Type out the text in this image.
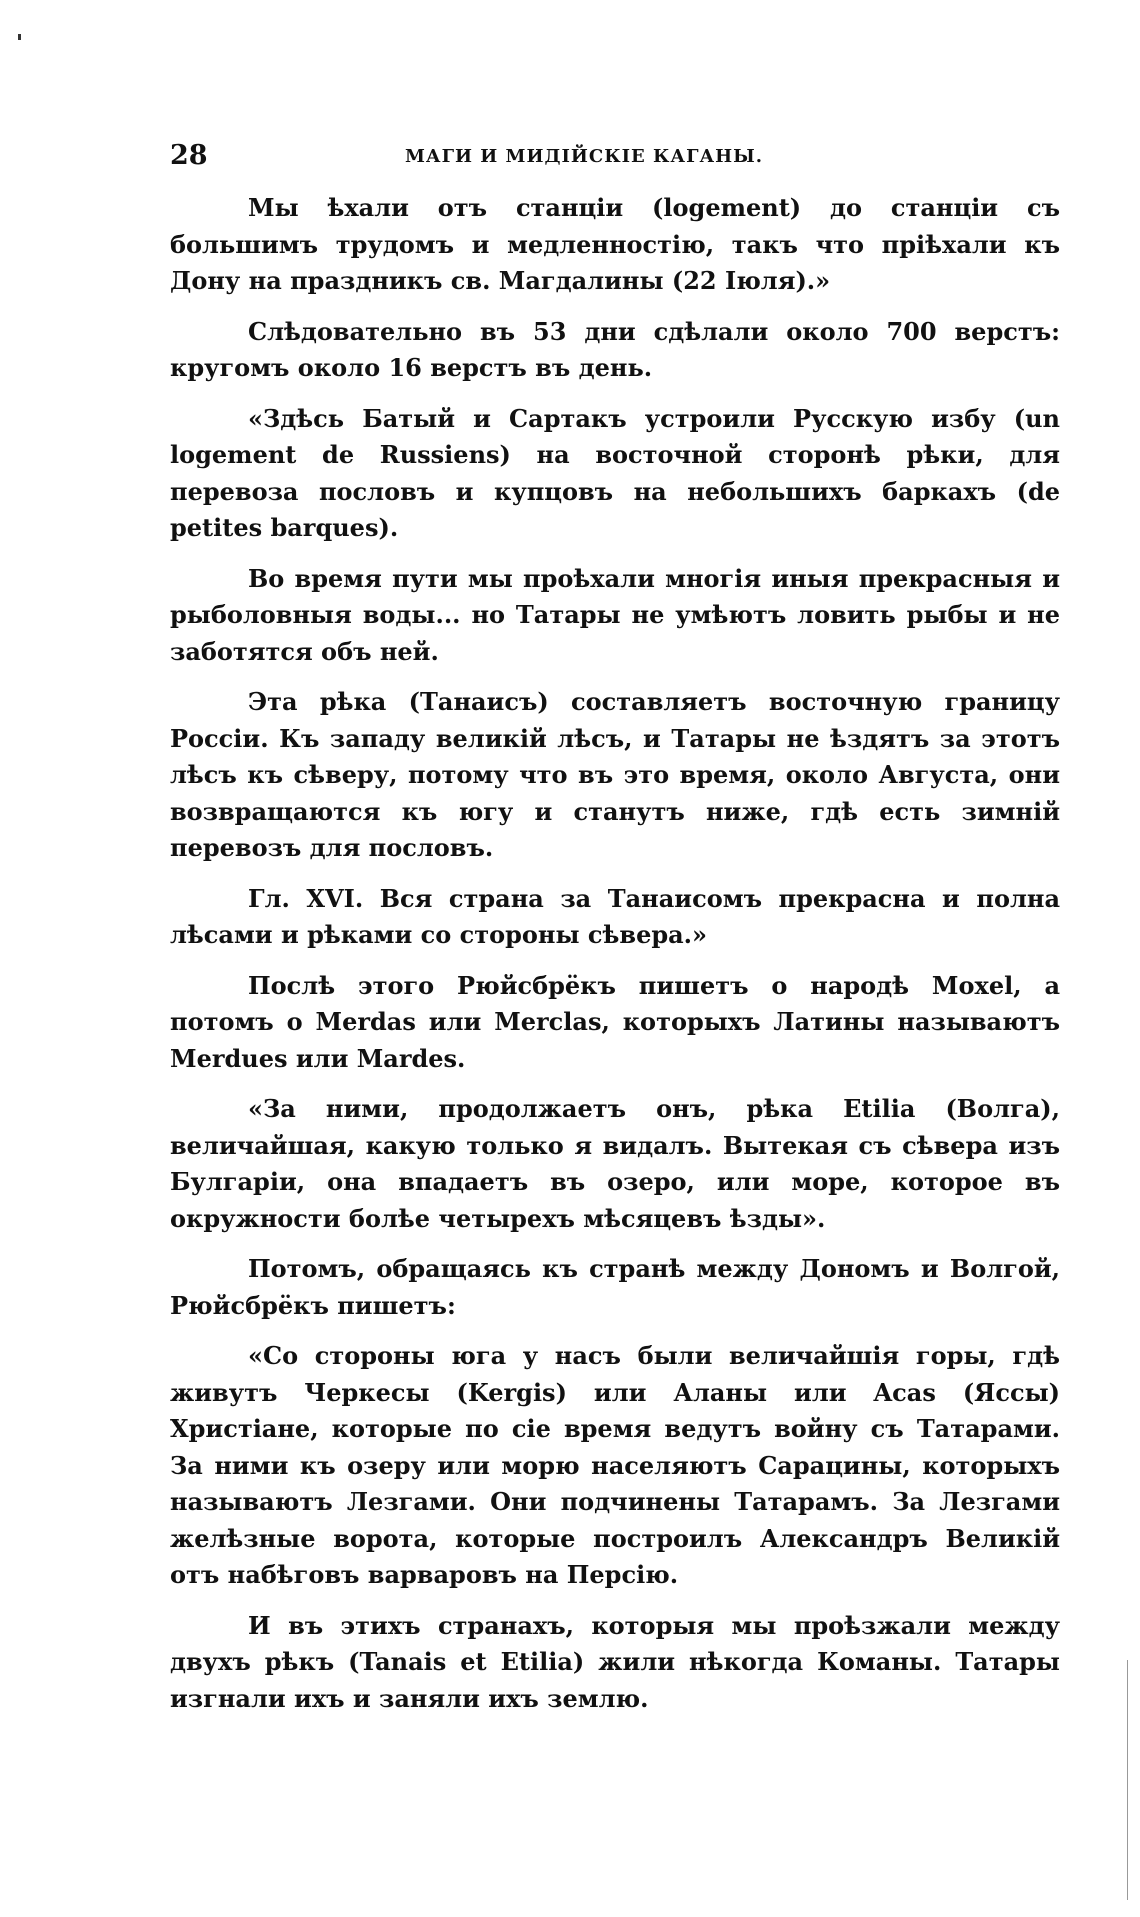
28	МАГИ И МИДІЙСКІЕ КАГАНЫ.

Мы ѣхали отъ станціи (logement) до станціи съ большимъ трудомъ и медленностію, такъ что пріѣхали къ Дону на праздникъ св. Магдалины (22 Іюля).»

Слѣдовательно въ 53 дни сдѣлали около 700 верстъ: кругомъ около 16 верстъ въ день.

«Здѣсь Батый и Сартакъ устроили Русскую избу (un logement de Russiens) на восточной сторонѣ рѣки, для перевоза пословъ и купцовъ на небольшихъ баркахъ (de petites barques).

Во время пути мы проѣхали многія иныя прекрасныя и рыболовныя воды... но Татары не умѣютъ ловить рыбы и не заботятся объ ней.

Эта рѣка (Танаисъ) составляетъ восточную границу Россіи. Къ западу великій лѣсъ, и Татары не ѣздятъ за этотъ лѣсъ къ сѣверу, потому что въ это время, около Августа, они возвращаются къ югу и станутъ ниже, гдѣ есть зимній перевозъ для пословъ.

Гл. XVI. Вся страна за Танаисомъ прекрасна и полна лѣсами и рѣками со стороны сѣвера.»

Послѣ этого Рюйсбрёкъ пишетъ о народѣ Moxel, а потомъ о Merdas или Merclas, которыхъ Латины называютъ Merdues или Mardes.

«За ними, продолжаетъ онъ, рѣка Etilia (Волга), величайшая, какую только я видалъ. Вытекая съ сѣвера изъ Булгаріи, она впадаетъ въ озеро, или море, которое въ окружности болѣе четырехъ мѣсяцевъ ѣзды».

Потомъ, обращаясь къ странѣ между Дономъ и Волгой, Рюйсбрёкъ пишетъ:

«Со стороны юга у насъ были величайшія горы, гдѣ живутъ Черкесы (Kergis) или Аланы или Acas (Яссы) Христіане, которые по сіе время ведутъ войну съ Татарами. За ними къ озеру или морю населяютъ Сарацины, которыхъ называютъ Лезгами. Они подчинены Татарамъ. За Лезгами желѣзные ворота, которые построилъ Александръ Великій отъ набѣговъ варваровъ на Персію.

И въ этихъ странахъ, которыя мы проѣзжали между двухъ рѣкъ (Tanais et Etilia) жили нѣкогда Команы. Татары изгнали ихъ и заняли ихъ землю.
